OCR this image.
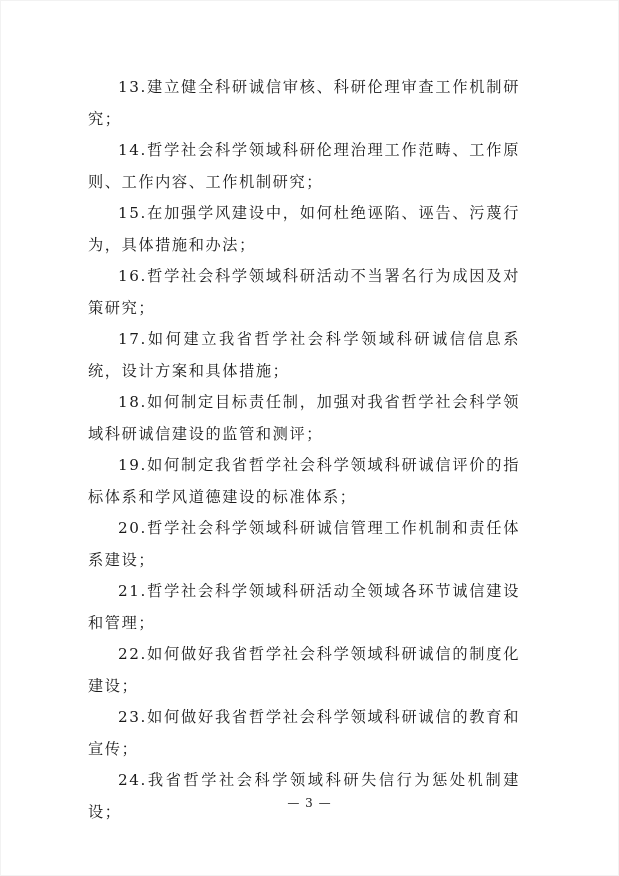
13.建立健全科研诚信审核、科研伦理审查工作机制研究；

14.哲学社会科学领域科研伦理治理工作范畴、工作原则、工作内容、工作机制研究；

15.在加强学风建设中，如何杜绝诬陷、诬告、污蔑行为，具体措施和办法；

16.哲学社会科学领域科研活动不当署名行为成因及对策研究；

17.如何建立我省哲学社会科学领域科研诚信信息系统，设计方案和具体措施；

18.如何制定目标责任制，加强对我省哲学社会科学领域科研诚信建设的监管和测评；

19.如何制定我省哲学社会科学领域科研诚信评价的指标体系和学风道德建设的标准体系；

20.哲学社会科学领域科研诚信管理工作机制和责任体系建设；

21.哲学社会科学领域科研活动全领域各环节诚信建设和管理；

22.如何做好我省哲学社会科学领域科研诚信的制度化建设；

23.如何做好我省哲学社会科学领域科研诚信的教育和宣传；

24.我省哲学社会科学领域科研失信行为惩处机制建设；	— 3 —
